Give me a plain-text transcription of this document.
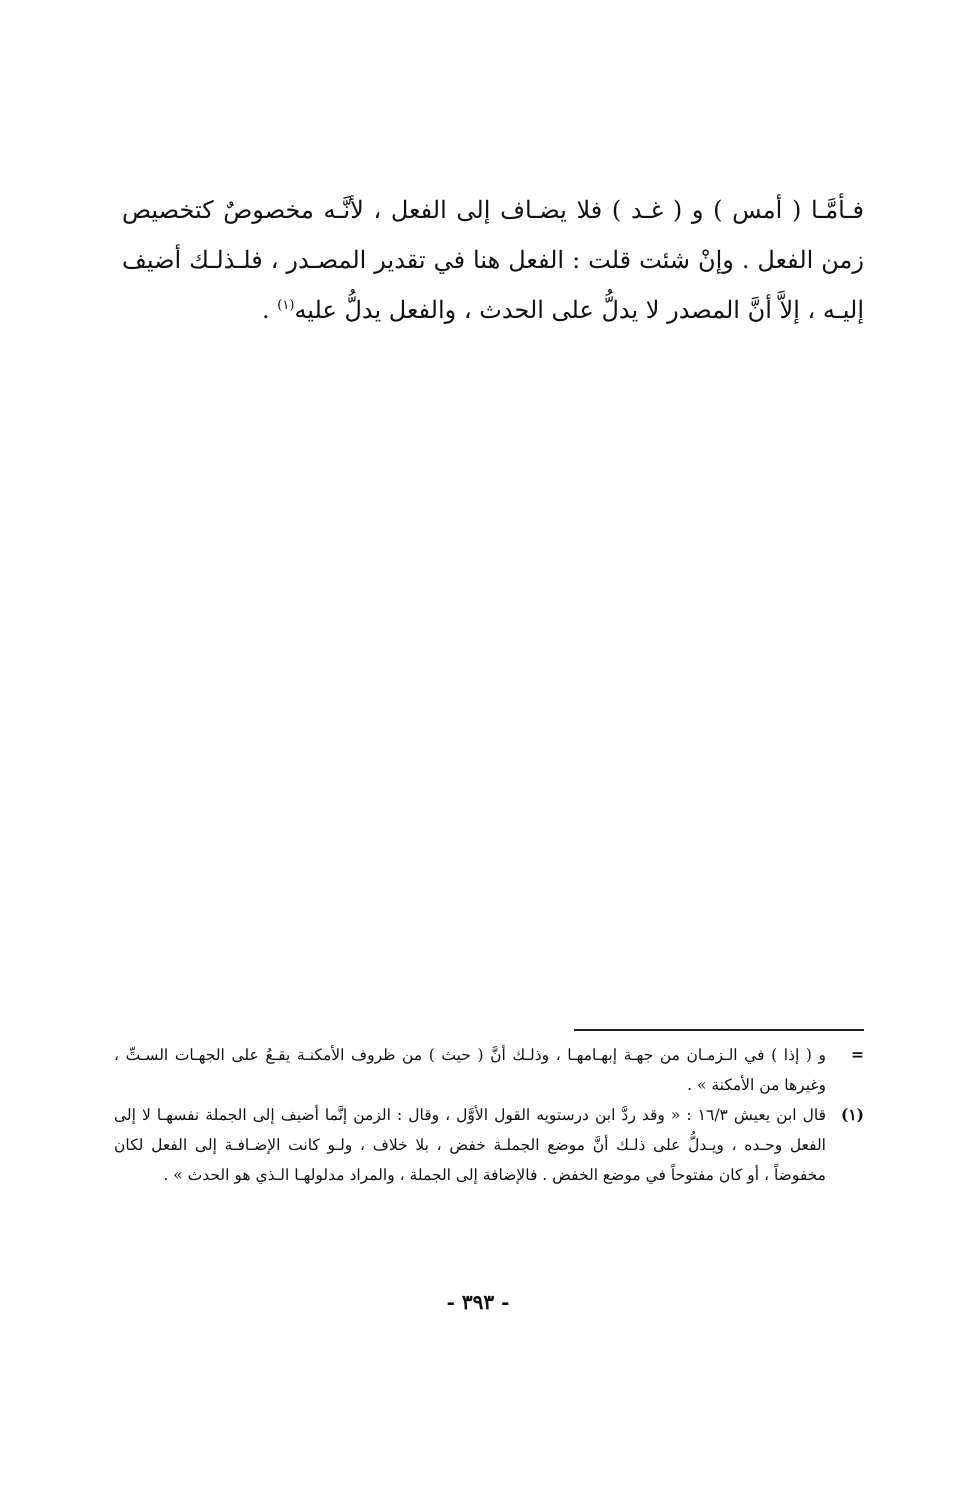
فـأمَّـا ( أمس ) و ( غـد ) فلا يضـاف إلى الفعل ، لأنَّـه مخصوصٌ كتخصيص زمن الفعل . وإنْ شئت قلت : الفعل هنا في تقدير المصـدر ، فلـذلـك أضيف إليـه ، إلاَّ أنَّ المصدر لا يدلُّ على الحدث ، والفعل يدلُّ عليه$^{(١)}$ .

=
و ( إذا ) في الـزمـان من جهـة إبهـامهـا ، وذلـك أنَّ ( حيث ) من ظروف الأمكنـة يقـعُ على الجهـات السـتِّ ، وغيرها من الأمكنة » .
(١)
قال ابن يعيش ١٦/٣ : « وقد ردَّ ابن درستويه القول الأوَّل ، وقال : الزمن إنَّما أضيف إلى الجملة نفسهـا لا إلى الفعل وحـده ، ويـدلُّ على ذلـك أنَّ موضع الجملـة خفض ، بلا خلاف ، ولـو كانت الإضـافـة إلى الفعل لكان مخفوضاً ، أو كان مفتوحاً في موضع الخفض . فالإضافة إلى الجملة ، والمراد مدلولهـا الـذي هو الحدث » .
- ٣٩٣ -
